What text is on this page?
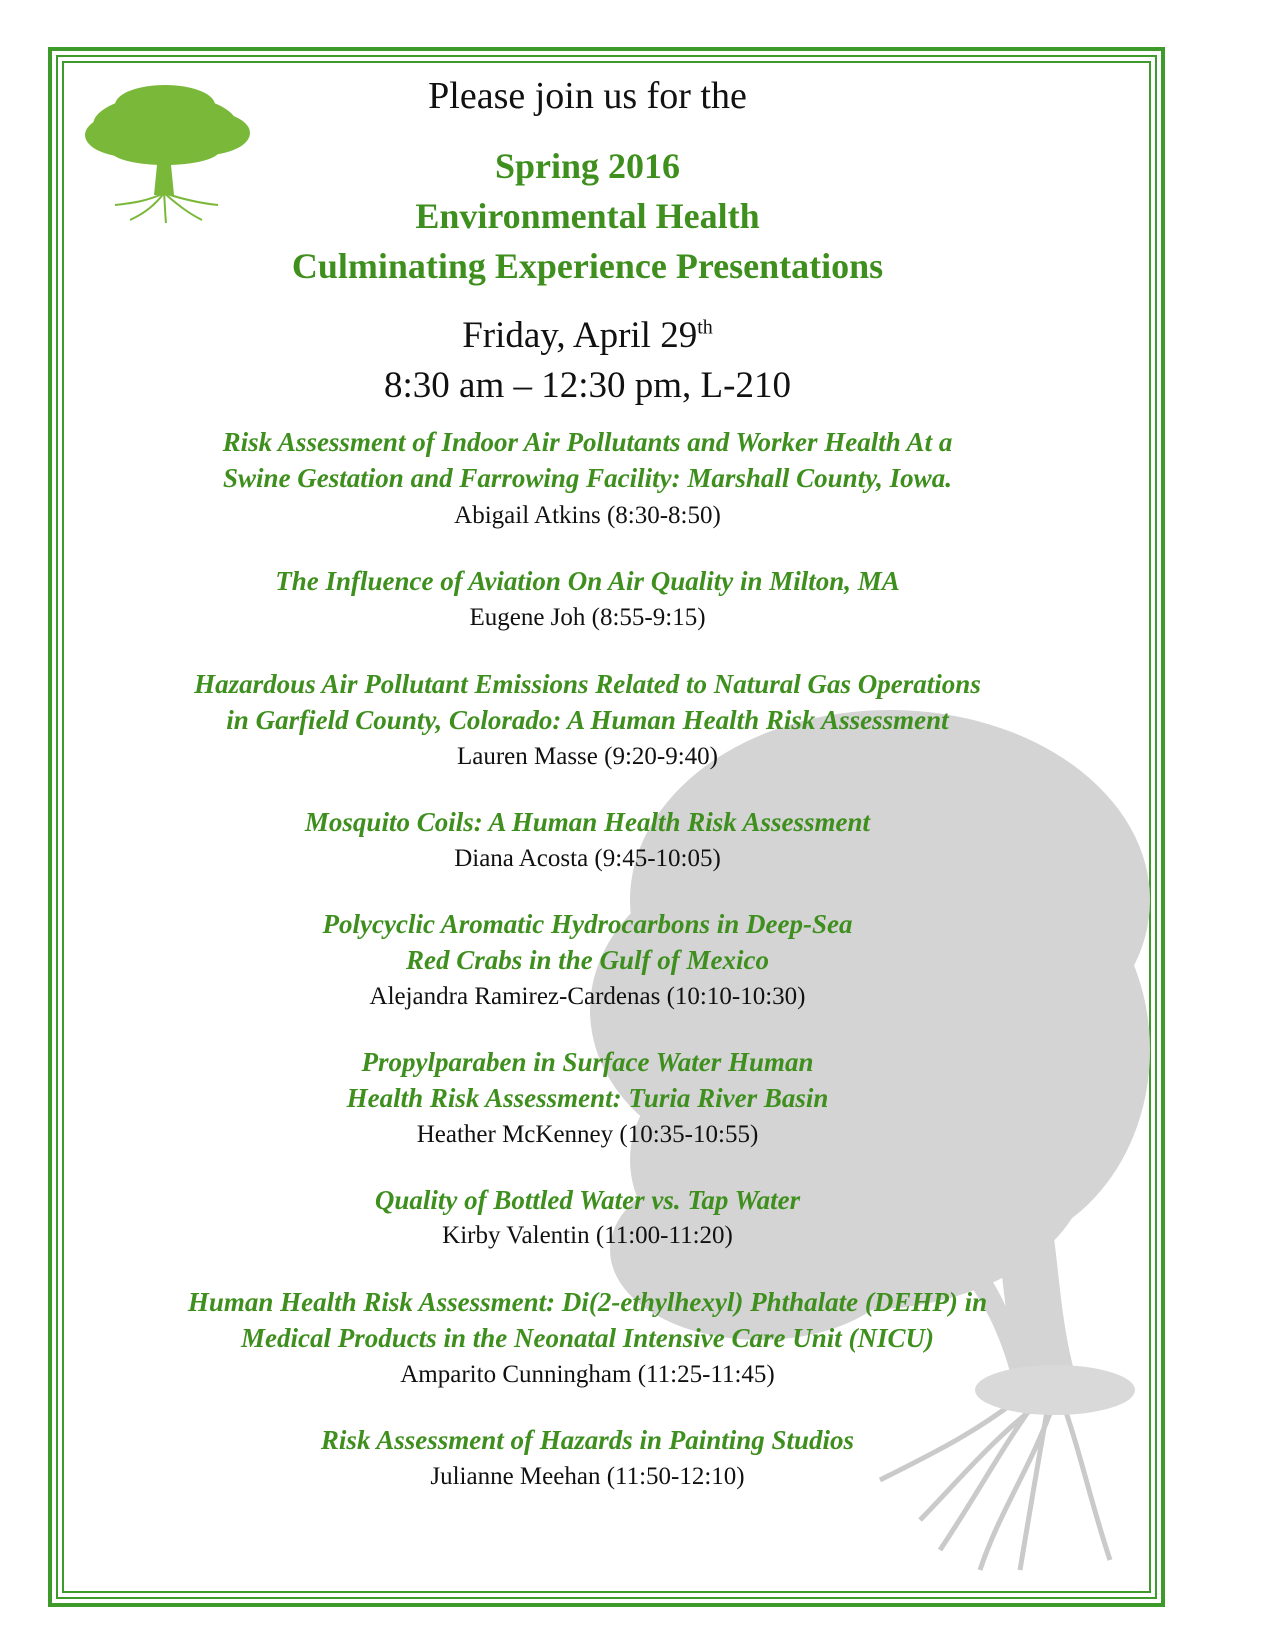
Please join us for the
Spring 2016
Environmental Health
Culminating Experience Presentations
Friday, April 29th
8:30 am – 12:30 pm, L-210
Risk Assessment of Indoor Air Pollutants and Worker Health At a
Swine Gestation and Farrowing Facility: Marshall County, Iowa.
Abigail Atkins (8:30-8:50)
The Influence of Aviation On Air Quality in Milton, MA
Eugene Joh (8:55-9:15)
Hazardous Air Pollutant Emissions Related to Natural Gas Operations
in Garfield County, Colorado: A Human Health Risk Assessment
Lauren Masse (9:20-9:40)
Mosquito Coils: A Human Health Risk Assessment
Diana Acosta (9:45-10:05)
Polycyclic Aromatic Hydrocarbons in Deep-Sea
Red Crabs in the Gulf of Mexico
Alejandra Ramirez-Cardenas (10:10-10:30)
Propylparaben in Surface Water Human
Health Risk Assessment: Turia River Basin
Heather McKenney (10:35-10:55)
Quality of Bottled Water vs. Tap Water
Kirby Valentin (11:00-11:20)
Human Health Risk Assessment: Di(2-ethylhexyl) Phthalate (DEHP) in
Medical Products in the Neonatal Intensive Care Unit (NICU)
Amparito Cunningham (11:25-11:45)
Risk Assessment of Hazards in Painting Studios
Julianne Meehan (11:50-12:10)
